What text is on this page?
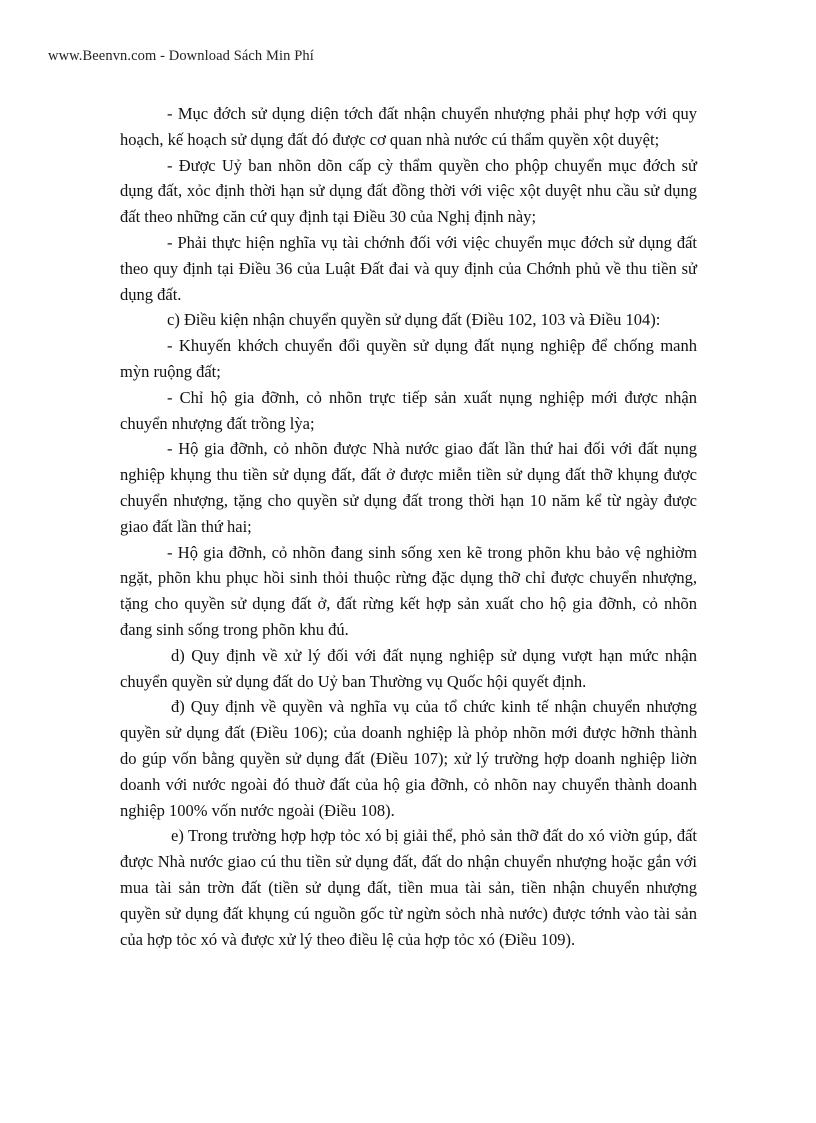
www.Beenvn.com - Download Sách Min Phí

- Mục đớch sử dụng diện tớch đất nhận chuyển nhượng phải phự hợp với quy hoạch, kế hoạch sử dụng đất đó được cơ quan nhà nước cú thẩm quyền xột duyệt;

- Được Uỷ ban nhõn dõn cấp cỳ thẩm quyền cho phộp chuyển mục đớch sử dụng đất, xỏc định thời hạn sử dụng đất đồng thời với việc xột duyệt nhu cầu sử dụng đất theo những căn cứ quy định tại Điều 30 của Nghị định này;

- Phải thực hiện nghĩa vụ tài chớnh đối với việc chuyển mục đớch sử dụng đất theo quy định tại Điều 36 của Luật Đất đai và quy định của Chớnh phủ về thu tiền sử dụng đất.

c) Điều kiện nhận chuyển quyền sử dụng đất (Điều 102, 103 và Điều 104):

- Khuyến khớch chuyển đổi quyền sử dụng đất nụng nghiệp để chống manh mỳn ruộng đất;

- Chỉ hộ gia đỡnh, cỏ nhõn trực tiếp sản xuất nụng nghiệp mới được nhận chuyển nhượng đất trồng lỳa;

- Hộ gia đỡnh, cỏ nhõn được Nhà nước giao đất lần thứ hai đối với đất nụng nghiệp khụng thu tiền sử dụng đất, đất ở được miễn tiền sử dụng đất thỡ khụng được chuyển nhượng, tặng cho quyền sử dụng đất trong thời hạn 10 năm kể từ ngày được giao đất lần thứ hai;

- Hộ gia đỡnh, cỏ nhõn đang sinh sống xen kẽ trong phõn khu bảo vệ nghiờm ngặt, phõn khu phục hồi sinh thỏi thuộc rừng đặc dụng thỡ chỉ được chuyển nhượng, tặng cho quyền sử dụng đất ở, đất rừng kết hợp sản xuất cho hộ gia đỡnh, cỏ nhõn đang sinh sống trong phõn khu đú.

d) Quy định về xử lý đối với đất nụng nghiệp sử dụng vượt hạn mức nhận chuyển quyền sử dụng đất do Uỷ ban Thường vụ Quốc hội quyết định.

đ) Quy định về quyền và nghĩa vụ của tổ chức kinh tế nhận chuyển nhượng quyền sử dụng đất (Điều 106); của doanh nghiệp là phỏp nhõn mới được hỡnh thành do gúp vốn bằng quyền sử dụng đất (Điều 107); xử lý trường hợp doanh nghiệp liờn doanh với nước ngoài đó thuờ đất của hộ gia đỡnh, cỏ nhõn nay chuyển thành doanh nghiệp 100% vốn nước ngoài (Điều 108).

e) Trong trường hợp hợp tỏc xó bị giải thể, phỏ sản thỡ đất do xó viờn gúp, đất được Nhà nước giao cú thu tiền sử dụng đất, đất do nhận chuyển nhượng hoặc gắn với mua tài sản trờn đất (tiền sử dụng đất, tiền mua tài sản, tiền nhận chuyển nhượng quyền sử dụng đất khụng cú nguồn gốc từ ngừn sỏch nhà nước) được tớnh vào tài sản của hợp tỏc xó và được xử lý theo điều lệ của hợp tỏc xó (Điều 109).
